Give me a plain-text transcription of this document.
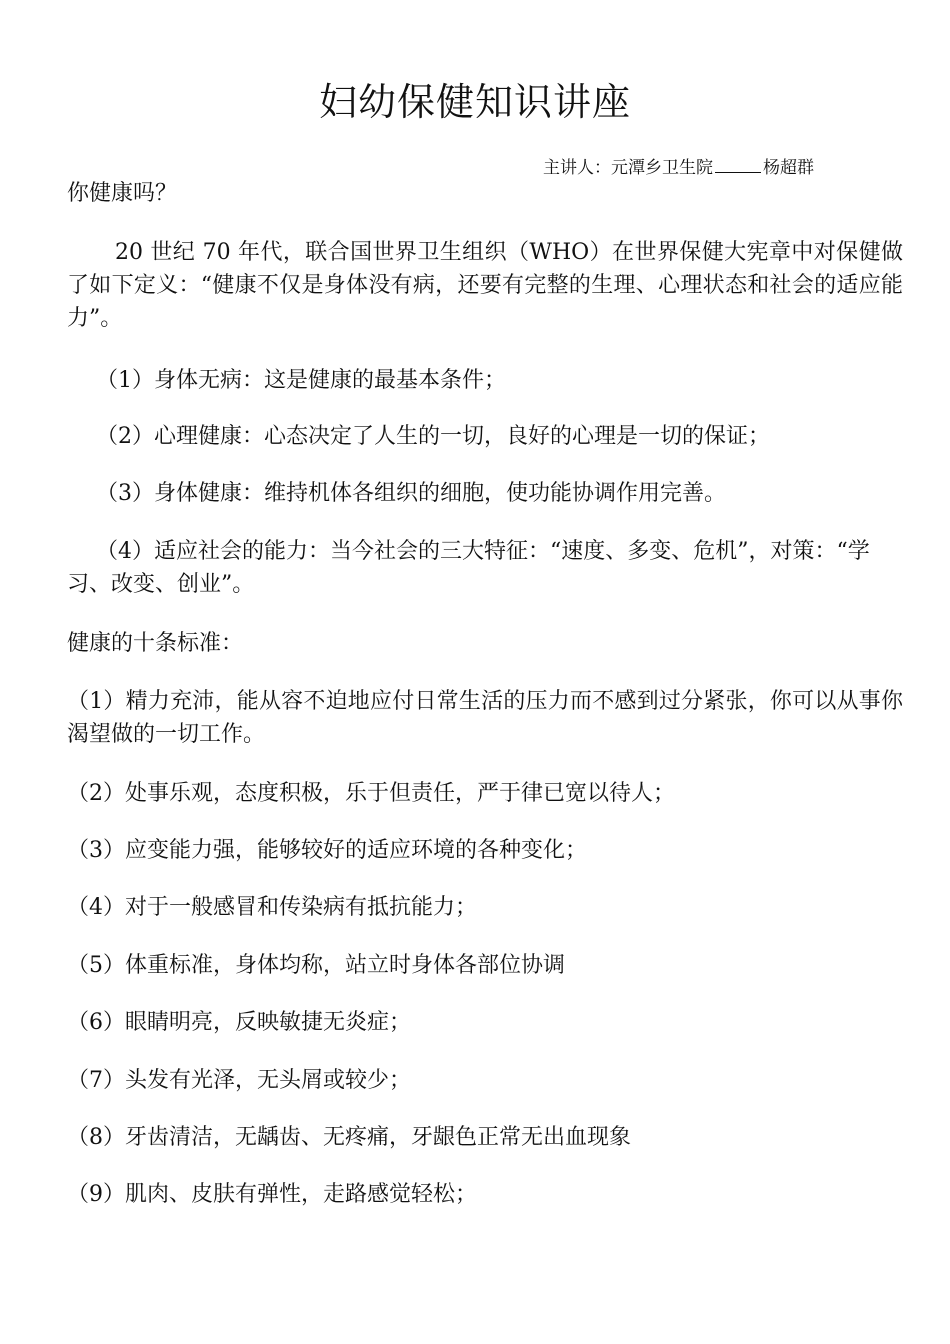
妇幼保健知识讲座
主讲人：元潭乡卫生院	杨超群
你健康吗？
20 世纪 70 年代，联合国世界卫生组织（WHO）在世界保健大宪章中对保健做了如下定义：“健康不仅是身体没有病，还要有完整的生理、心理状态和社会的适应能力”。
（1）身体无病：这是健康的最基本条件；
（2）心理健康：心态决定了人生的一切，良好的心理是一切的保证；
（3）身体健康：维持机体各组织的细胞，使功能协调作用完善。
（4）适应社会的能力：当今社会的三大特征：“速度、多变、危机”，对策：“学习、改变、创业”。
健康的十条标准：
（1）精力充沛，能从容不迫地应付日常生活的压力而不感到过分紧张，你可以从事你渴望做的一切工作。
（2）处事乐观，态度积极，乐于但责任，严于律已宽以待人；
（3）应变能力强，能够较好的适应环境的各种变化；
（4）对于一般感冒和传染病有抵抗能力；
（5）体重标准，身体均称，站立时身体各部位协调
（6）眼睛明亮，反映敏捷无炎症；
（7）头发有光泽，无头屑或较少；
（8）牙齿清洁，无龋齿、无疼痛，牙龈色正常无出血现象
（9）肌肉、皮肤有弹性，走路感觉轻松；
